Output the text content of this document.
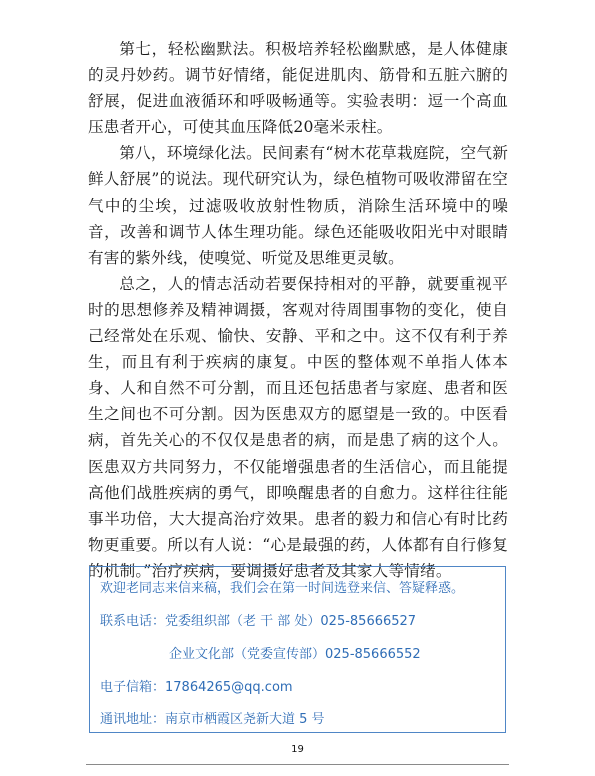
第七，轻松幽默法。积极培养轻松幽默感，是人体健康的灵丹妙药。调节好情绪，能促进肌肉、筋骨和五脏六腑的舒展，促进血液循环和呼吸畅通等。实验表明：逗一个高血压患者开心，可使其血压降低20毫米汞柱。

第八，环境绿化法。民间素有“树木花草栽庭院，空气新鲜人舒展”的说法。现代研究认为，绿色植物可吸收滞留在空气中的尘埃，过滤吸收放射性物质，消除生活环境中的噪音，改善和调节人体生理功能。绿色还能吸收阳光中对眼睛有害的紫外线，使嗅觉、听觉及思维更灵敏。

总之，人的情志活动若要保持相对的平静，就要重视平时的思想修养及精神调摄，客观对待周围事物的变化，使自己经常处在乐观、愉快、安静、平和之中。这不仅有利于养生，而且有利于疾病的康复。中医的整体观不单指人体本身、人和自然不可分割，而且还包括患者与家庭、患者和医生之间也不可分割。因为医患双方的愿望是一致的。中医看病，首先关心的不仅仅是患者的病，而是患了病的这个人。医患双方共同努力，不仅能增强患者的生活信心，而且能提高他们战胜疾病的勇气，即唤醒患者的自愈力。这样往往能事半功倍，大大提高治疗效果。患者的毅力和信心有时比药物更重要。所以有人说：“心是最强的药，人体都有自行修复的机制。”治疗疾病，要调摄好患者及其家人等情绪。

欢迎老同志来信来稿，我们会在第一时间选登来信、答疑释惑。
联系电话：党委组织部（老 干 部 处）025-85666527
企业文化部（党委宣传部）025-85666552
电子信箱：17864265@qq.com
通讯地址：南京市栖霞区尧新大道 5 号
19
